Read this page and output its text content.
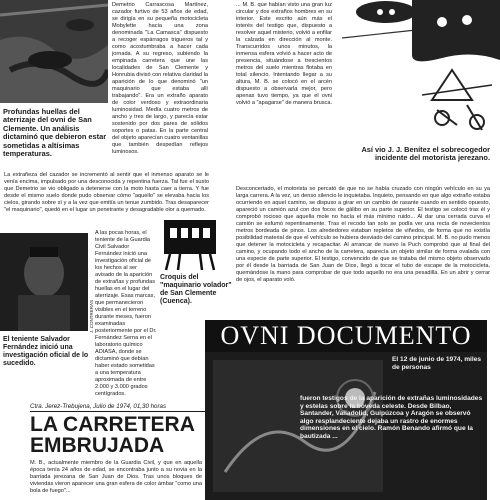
Demetrio Carrascosa Martínez, cazador furtivo de 53 años de edad, se dirigía en su pequeña motocicleta Mobylette hacia una zona denominada "La Camasca" dispuesto a recoger espárragos trigueros tal y como acostumbraba a hacer cada jornada. A su regreso, subiendo la empinada carretera que une las localidades de San Clemente y Honrubia divisó con relativa claridad la aparición de lo que denominó "un maquinario que estaba allí trabajando". Era un extraño aparato de color verdoso y extraordinaria luminosidad. Medía cuatro metros de ancho y tres de largo, y parecía estar sostenido por dos pares de sólidos soportes o patas. En la parte central del objeto aparecían cuatro ventanillas que también despedían reflejos luminosos.
... M. B. que habían visto una gran luz circular y dos extraños hombres en su interior. Este escrito aún más el interés del testigo que, dispuesto a resolver aquel misterio, volvió a enfilar la calzada en dirección al monte. Transcurridos unos minutos, la inmensa esfera volvió a hacer acto de presencia, situándose a trescientos metros del suelo mientras flotaba en total silencio. Intentando llegar a su altura, M. B. se colocó en el arcén dispuesto a observarla mejor, pero apenas tuvo tiempo, ya que el ovni volvió a "apagarse" de manera brusca.
Así vio J. J. Benítez el sobrecogedor incidente del motorista jerezano.
Profundas huellas del aterrizaje del ovni de San Clemente. Un análisis dictaminó que debieron estar sometidas a altísimas temperaturas.
La extrañeza del cazador se incrementó al sentir que el inmenso aparato se le venía encima, impulsado por una desconocida y repentina fuerza. Tal fue el susto que Demetrio se vio obligado a detenerse con la moto hasta caer a tierra. Y fue desde el mismo suelo donde pudo observar cómo "aquello" se elevaba hacia los cielos, girando sobre sí y a la vez que emitía un tenue zumbido. Tras desaparecer "el maquinario", quedó en el lugar un penetrante y desagradable olor a quemado.
Desconcertado, el motorista se percató de que no se había cruzado con ningún vehículo en su ya larga carrera. A la vez, un denso silencio le inquietaba. Inquieto, pensando en que algo extraño estaba ocurriendo en aquel camino, se dispuso a girar en un cambio de rasante cuando en sentido opuesto, apareció un camión azul con dos focos de gálibo en su parte superior. El testigo se colocó tras él y comprobó rocioso que aquella mole no hacía el más mínimo ruido... Al dar una cerrada curva el camión se esfumó repentinamente. Tras el recodo tan solo se podía ver una recta de novecientos metros bordeada de pinos. Los alrededores estaban repletos de viñedos, de forma que no existía posibilidad material de que el vehículo se hubiera desviado del camino principal. M. B. no pudo menos que detener la motocicleta y recapacitar. Al arrancar de nuevo la Puch comprobó que al final del camino, y ocupando todo el ancho de la carretera, aparecía un objeto similar de forma ovalada con una especie de parte superior. El testigo, convencido de que se trataba del mismo objeto observado por él desde la barriada de San Juan de Dios, llegó a tocar el tubo de escape de la motocicleta, quemándose la mano para comprobar de que todo aquello no era una pesadilla. En un abrir y cerrar de ojos, el aparato voló.
J. CONTRERAS
El teniente Salvador Fernández inició una investigación oficial de lo sucedido.
A las pocas horas, el teniente de la Guardia Civil Salvador Fernández inició una investigación oficial de los hechos al ser avisado de la aparición de extrañas y profundas huellas en el lugar del aterrizaje. Esas marcas, que permanecieron visibles en el terreno durante meses, fueron examinadas posteriormente por el Dr. Fernández Serna en el laboratorio químico ADIASA, donde se dictaminó que debían haber estado sometidas a una temperatura aproximada de entre 2.000 y 3.000 grados centígrados.
Croquis del "maquinario volador" de San Clemente (Cuenca).
OVNI DOCUMENTO
El 12 de junio de 1974, miles de personas
fueron testigos de la aparición de extrañas luminosidades y estelas sobre la bóveda celeste. Desde Bilbao, Santander, Valladolid, Guipúzcoa y Aragón se observó algo resplandeciente dejaba un rastro de enormes dimensiones en el cielo. Ramón Benando afirmó que la bautizada ...
Ctra. Jerez-Trebujena, Julio de 1974, 01,30 horas
LA CARRETERA
EMBRUJADA
M. B., actualmente miembro de la Guardia Civil, y que en aquella época tenía 24 años de edad, se encontraba junto a su novia en la barriada jerezana de San Juan de Dios. Tras unos bloques de viviendas vieron aparecer una gran esfera de color ámbar "como una bola de fuego"...
